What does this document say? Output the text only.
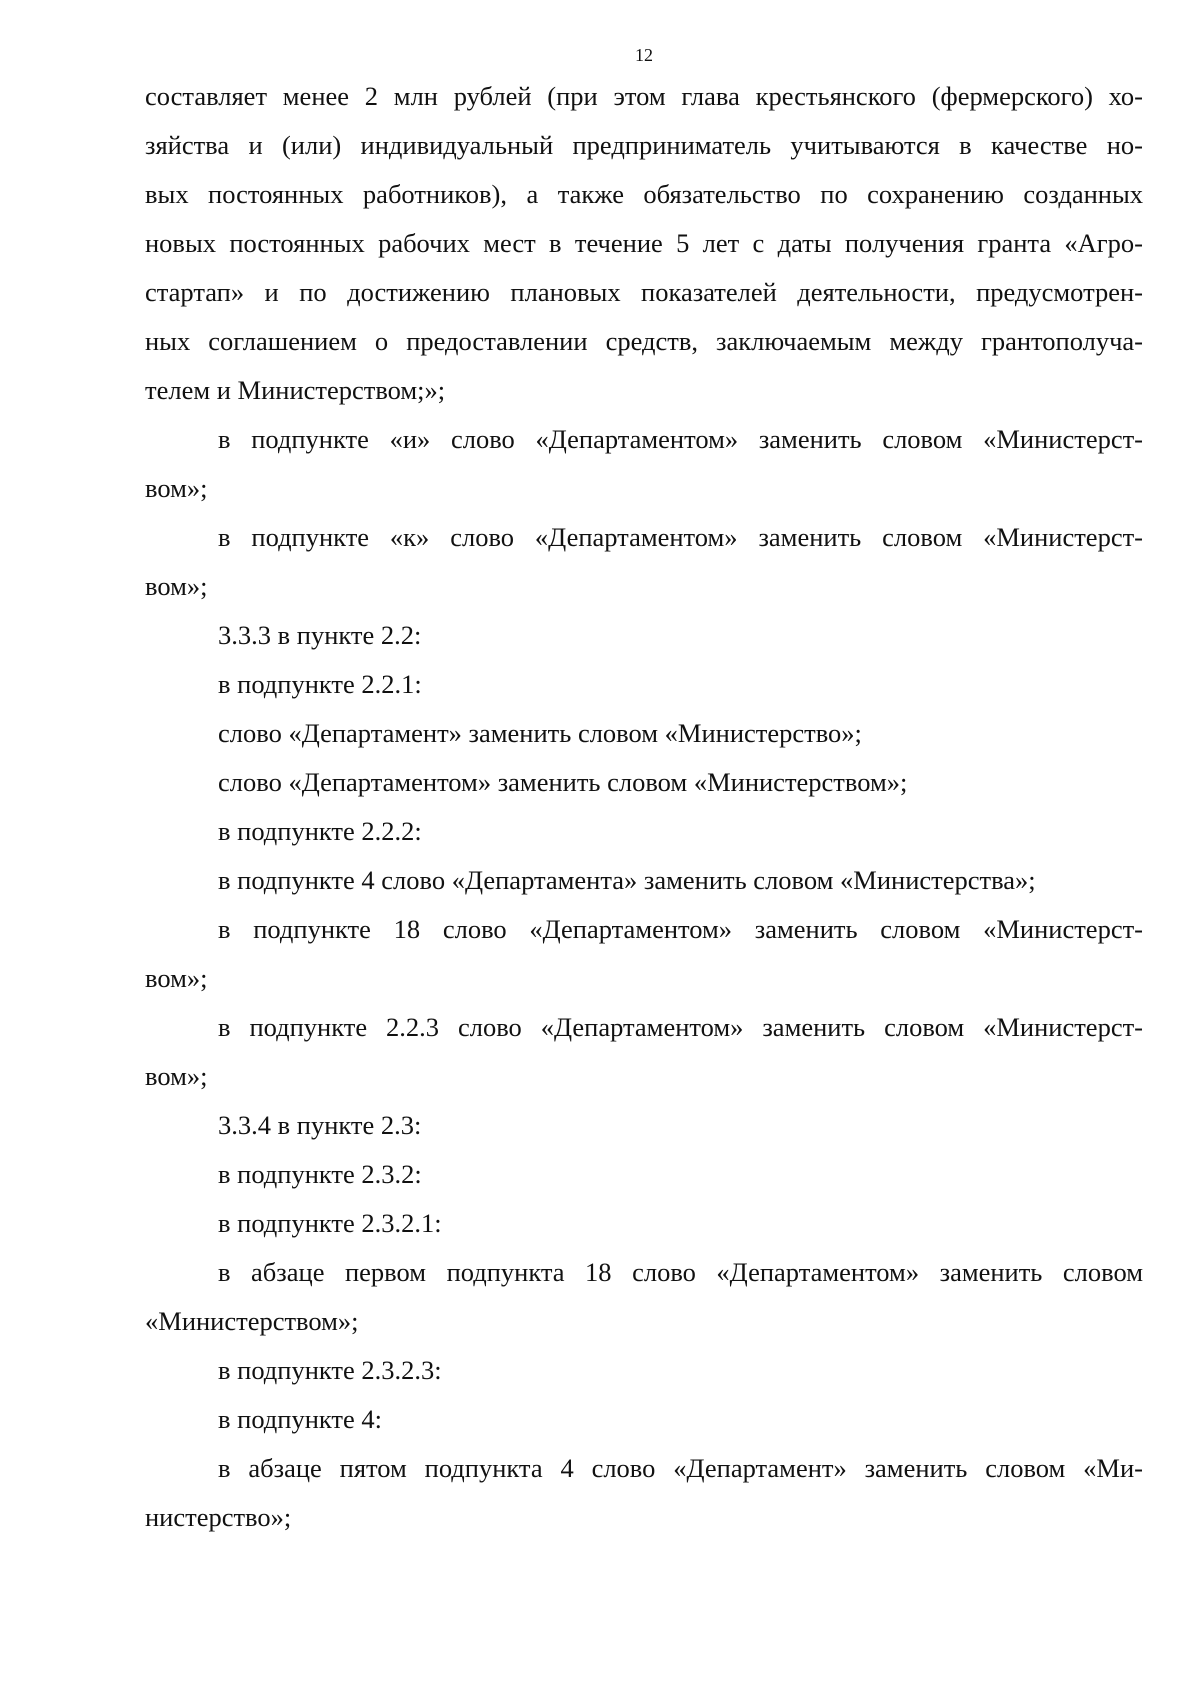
12
составляет менее 2 млн рублей (при этом глава крестьянского (фермерского) хо-
зяйства и (или) индивидуальный предприниматель учитываются в качестве но-
вых постоянных работников), а также обязательство по сохранению созданных
новых постоянных рабочих мест в течение 5 лет с даты получения гранта «Агро-
стартап» и по достижению плановых показателей деятельности, предусмотрен-
ных соглашением о предоставлении средств, заключаемым между грантополуча-
телем и Министерством;»;
в подпункте «и» слово «Департаментом» заменить словом «Министерст-
вом»;
в подпункте «к» слово «Департаментом» заменить словом «Министерст-
вом»;
3.3.3 в пункте 2.2:
в подпункте 2.2.1:
слово «Департамент» заменить словом «Министерство»;
слово «Департаментом» заменить словом «Министерством»;
в подпункте 2.2.2:
в подпункте 4 слово «Департамента» заменить словом «Министерства»;
в подпункте 18 слово «Департаментом» заменить словом «Министерст-
вом»;
в подпункте 2.2.3 слово «Департаментом» заменить словом «Министерст-
вом»;
3.3.4 в пункте 2.3:
в подпункте 2.3.2:
в подпункте 2.3.2.1:
в абзаце первом подпункта 18 слово «Департаментом» заменить словом
«Министерством»;
в подпункте 2.3.2.3:
в подпункте 4:
в абзаце пятом подпункта 4 слово «Департамент» заменить словом «Ми-
нистерство»;
